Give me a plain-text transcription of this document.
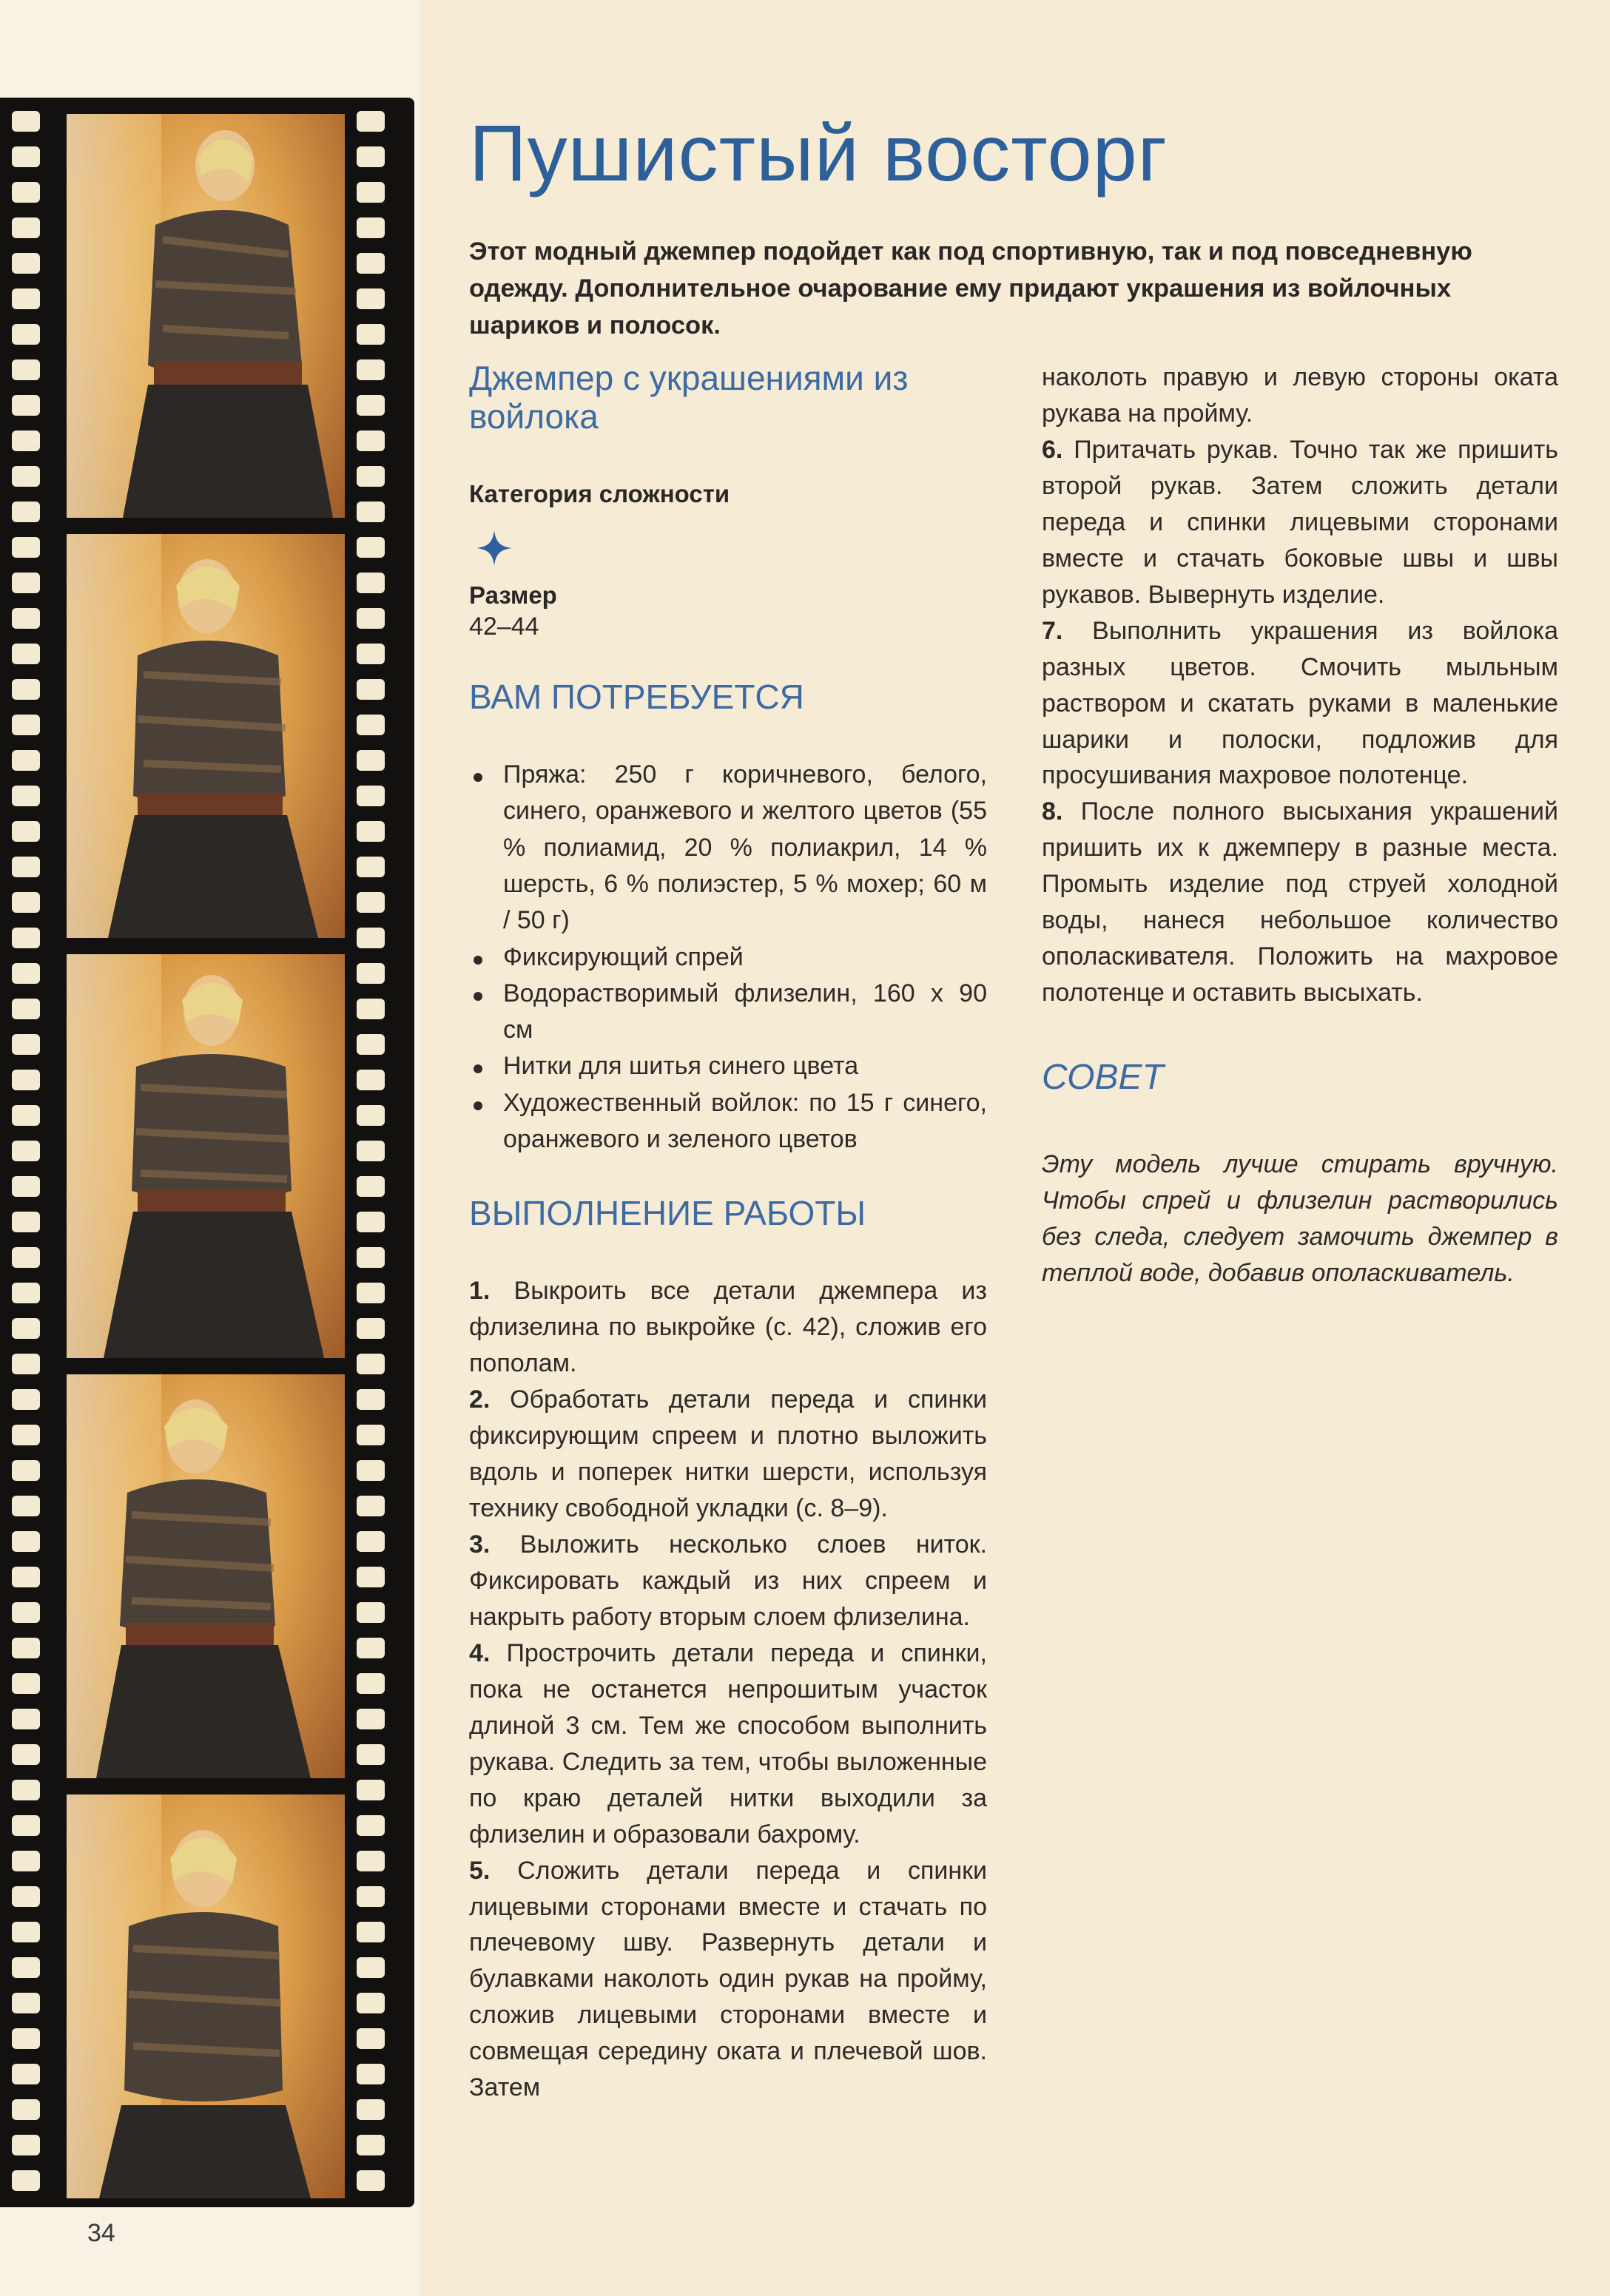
34
Пушистый восторг

Этот модный джемпер подойдет как под спортивную, так и под повседневную одежду. Дополнительное очарование ему придают украшения из войлочных шариков и полосок.

Джемпер с украшениями из войлока

Категория сложности

Размер

42–44

ВАМ ПОТРЕБУЕТСЯ
Пряжа: 250 г коричневого, белого, синего, оранжевого и желтого цветов (55 % полиамид, 20 % полиакрил, 14 % шерсть, 6 % полиэстер, 5 % мохер; 60 м / 50 г)
Фиксирующий спрей
Водорастворимый флизелин, 160 х 90 см
Нитки для шитья синего цвета
Художественный войлок: по 15 г синего, оранжевого и зеленого цветов
ВЫПОЛНЕНИЕ РАБОТЫ

1. Выкроить все детали джемпера из флизелина по выкройке (с. 42), сложив его пополам.

2. Обработать детали переда и спинки фиксирующим спреем и плотно выложить вдоль и поперек нитки шерсти, используя технику свободной укладки (с. 8–9).

3. Выложить несколько слоев ниток. Фиксировать каждый из них спреем и накрыть работу вторым слоем флизелина.

4. Прострочить детали переда и спинки, пока не останется непрошитым участок длиной 3 см. Тем же способом выполнить рукава. Следить за тем, чтобы выложенные по краю деталей нитки выходили за флизелин и образовали бахрому.

5. Сложить детали переда и спинки лицевыми сторонами вместе и стачать по плечевому шву. Развернуть детали и булавками наколоть один рукав на пройму, сложив лицевыми сторонами вместе и совмещая середину оката и плечевой шов. Затем

наколоть правую и левую стороны оката рукава на пройму.

6. Притачать рукав. Точно так же пришить второй рукав. Затем сложить детали переда и спинки лицевыми сторонами вместе и стачать боковые швы и швы рукавов. Вывернуть изделие.

7. Выполнить украшения из войлока разных цветов. Смочить мыльным раствором и скатать руками в маленькие шарики и полоски, подложив для просушивания махровое полотенце.

8. После полного высыхания украшений пришить их к джемперу в разные места. Промыть изделие под струей холодной воды, нанеся небольшое количество ополаскивателя. Положить на махровое полотенце и оставить высыхать.

СОВЕТ

Эту модель лучше стирать вручную. Чтобы спрей и флизелин растворились без следа, следует замочить джемпер в теплой воде, добавив ополаскиватель.
